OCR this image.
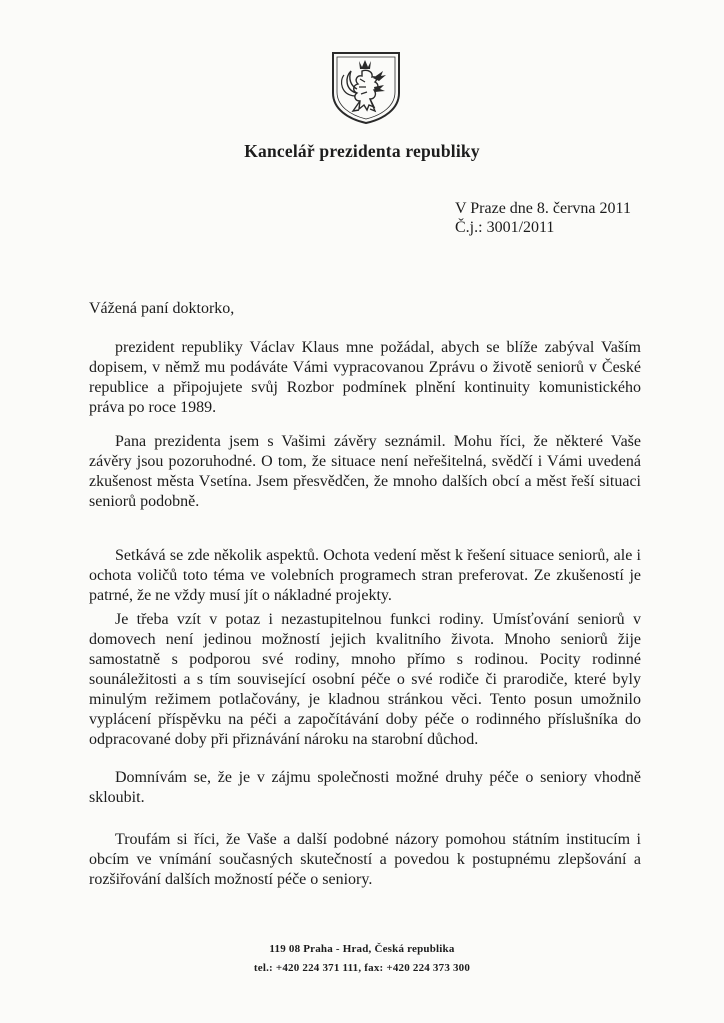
Kancelář prezidenta republiky
V Praze dne 8. června 2011
Č.j.: 3001/2011
Vážená paní doktorko,
prezident republiky Václav Klaus mne požádal, abych se blíže zabýval Vaším dopisem, v němž mu podáváte Vámi vypracovanou Zprávu o životě seniorů v České republice a připojujete svůj Rozbor podmínek plnění kontinuity komunistického práva po roce 1989.
Pana prezidenta jsem s Vašimi závěry seznámil. Mohu říci, že některé Vaše závěry jsou pozoruhodné. O tom, že situace není neřešitelná, svědčí i Vámi uvedená zkušenost města Vsetína. Jsem přesvědčen, že mnoho dalších obcí a měst řeší situaci seniorů podobně.
Setkává se zde několik aspektů. Ochota vedení měst k řešení situace seniorů, ale i ochota voličů toto téma ve volebních programech stran preferovat. Ze zkušeností je patrné, že ne vždy musí jít o nákladné projekty.
Je třeba vzít v potaz i nezastupitelnou funkci rodiny. Umísťování seniorů v domovech není jedinou možností jejich kvalitního života. Mnoho seniorů žije samostatně s podporou své rodiny, mnoho přímo s rodinou. Pocity rodinné sounáležitosti a s tím související osobní péče o své rodiče či prarodiče, které byly minulým režimem potlačovány, je kladnou stránkou věci. Tento posun umožnilo vyplácení příspěvku na péči a započítávání doby péče o rodinného příslušníka do odpracované doby při přiznávání nároku na starobní důchod.
Domnívám se, že je v zájmu společnosti možné druhy péče o seniory vhodně skloubit.
Troufám si říci, že Vaše a další podobné názory pomohou státním institucím i obcím ve vnímání současných skutečností a povedou k postupnému zlepšování a rozšiřování dalších možností péče o seniory.
119 08 Praha - Hrad, Česká republika
tel.: +420 224 371 111, fax: +420 224 373 300
